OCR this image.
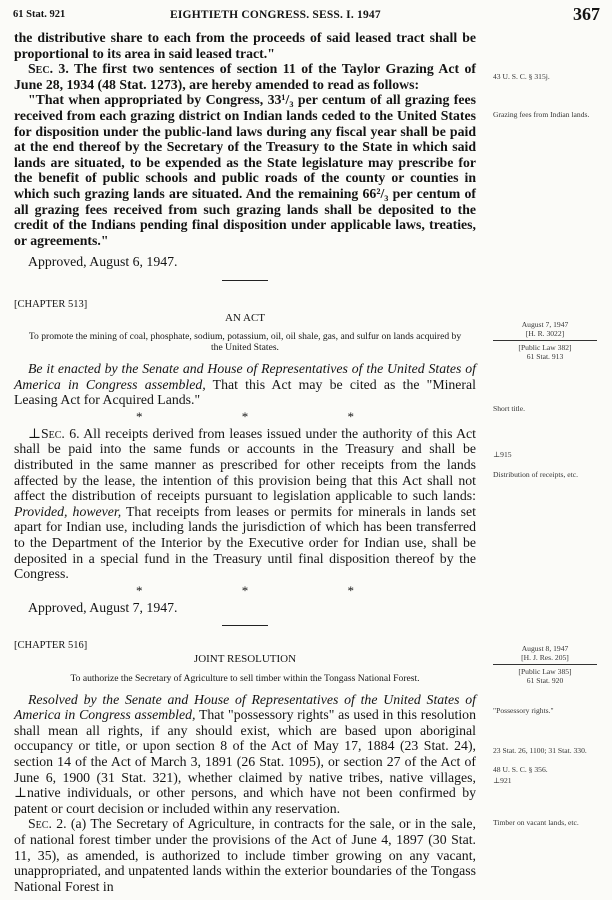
61 Stat. 921	EIGHTIETH CONGRESS. SESS. I. 1947	367

the distributive share to each from the proceeds of said leased tract shall be proportional to its area in said leased tract."

Sec. 3. The first two sentences of section 11 of the Taylor Grazing Act of June 28, 1934 (48 Stat. 1273), are hereby amended to read as follows:

"That when appropriated by Congress, 33¹/₃ per centum of all grazing fees received from each grazing district on Indian lands ceded to the United States for disposition under the public-land laws during any fiscal year shall be paid at the end thereof by the Secretary of the Treasury to the State in which said lands are situated, to be expended as the State legislature may prescribe for the benefit of public schools and public roads of the county or counties in which such grazing lands are situated. And the remaining 66²/₃ per centum of all grazing fees received from such grazing lands shall be deposited to the credit of the Indians pending final disposition under applicable laws, treaties, or agreements."

Approved, August 6, 1947.

[CHAPTER 513]

AN ACT

To promote the mining of coal, phosphate, sodium, potassium, oil, oil shale, gas, and sulfur on lands acquired by the United States.

Be it enacted by the Senate and House of Representatives of the United States of America in Congress assembled, That this Act may be cited as the "Mineral Leasing Act for Acquired Lands."

* * *

⊥Sec. 6. All receipts derived from leases issued under the authority of this Act shall be paid into the same funds or accounts in the Treasury and shall be distributed in the same manner as prescribed for other receipts from the lands affected by the lease, the intention of this provision being that this Act shall not affect the distribution of receipts pursuant to legislation applicable to such lands: Provided, however, That receipts from leases or permits for minerals in lands set apart for Indian use, including lands the jurisdiction of which has been transferred to the Department of the Interior by the Executive order for Indian use, shall be deposited in a special fund in the Treasury until final disposition thereof by the Congress.

* * *

Approved, August 7, 1947.

[CHAPTER 516]

JOINT RESOLUTION

To authorize the Secretary of Agriculture to sell timber within the Tongass National Forest.

Resolved by the Senate and House of Representatives of the United States of America in Congress assembled, That "possessory rights" as used in this resolution shall mean all rights, if any should exist, which are based upon aboriginal occupancy or title, or upon section 8 of the Act of May 17, 1884 (23 Stat. 24), section 14 of the Act of March 3, 1891 (26 Stat. 1095), or section 27 of the Act of June 6, 1900 (31 Stat. 321), whether claimed by native tribes, native villages, ⊥native individuals, or other persons, and which have not been confirmed by patent or court decision or included within any reservation.

Sec. 2. (a) The Secretary of Agriculture, in contracts for the sale, or in the sale, of national forest timber under the provisions of the Act of June 4, 1897 (30 Stat. 11, 35), as amended, is authorized to include timber growing on any vacant, unappropriated, and unpatented lands within the exterior boundaries of the Tongass National Forest in

43 U. S. C. § 315j.
Grazing fees from Indian lands.
August 7, 1947
[H. R. 3022]
[Public Law 382]
61 Stat. 913
Short title.
⊥915
Distribution of receipts, etc.
August 8, 1947
[H. J. Res. 205]
[Public Law 385]
61 Stat. 920
"Possessory rights."
23 Stat. 26, 1100; 31 Stat. 330.
48 U. S. C. § 356.
⊥921
Timber on vacant lands, etc.
